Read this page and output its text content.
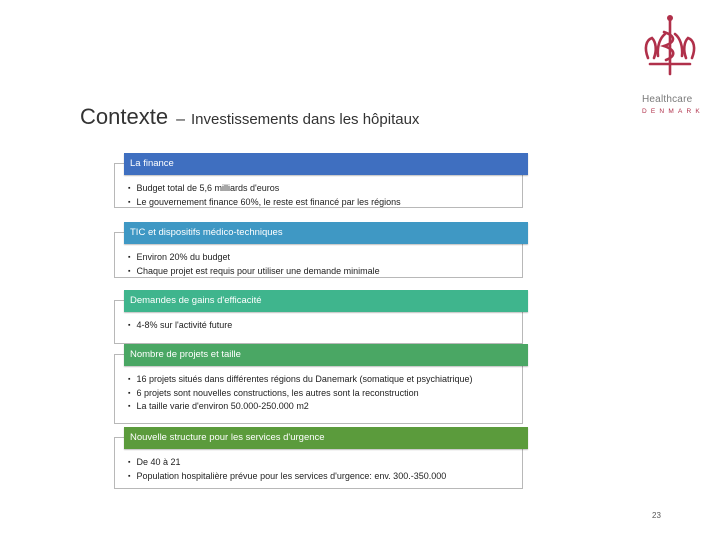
Healthcare
DENMARK
Contexte – Investissements dans les hôpitaux
La finance
▪ Budget total de 5,6 milliards d'euros
▪ Le gouvernement finance 60%, le reste est financé par les régions
TIC et dispositifs médico-techniques
▪ Environ 20% du budget
▪ Chaque projet est requis pour utiliser une demande minimale
Demandes de gains d'efficacité
▪ 4-8% sur l'activité future
Nombre de projets et taille
▪ 16 projets situés dans différentes régions du Danemark (somatique et psychiatrique)
▪ 6 projets sont nouvelles constructions, les autres sont la reconstruction
▪ La taille varie d'environ 50.000-250.000 m2
Nouvelle structure pour les services d'urgence
▪ De 40 à 21
▪ Population hospitalière prévue pour les services d'urgence: env. 300.-350.000
23
